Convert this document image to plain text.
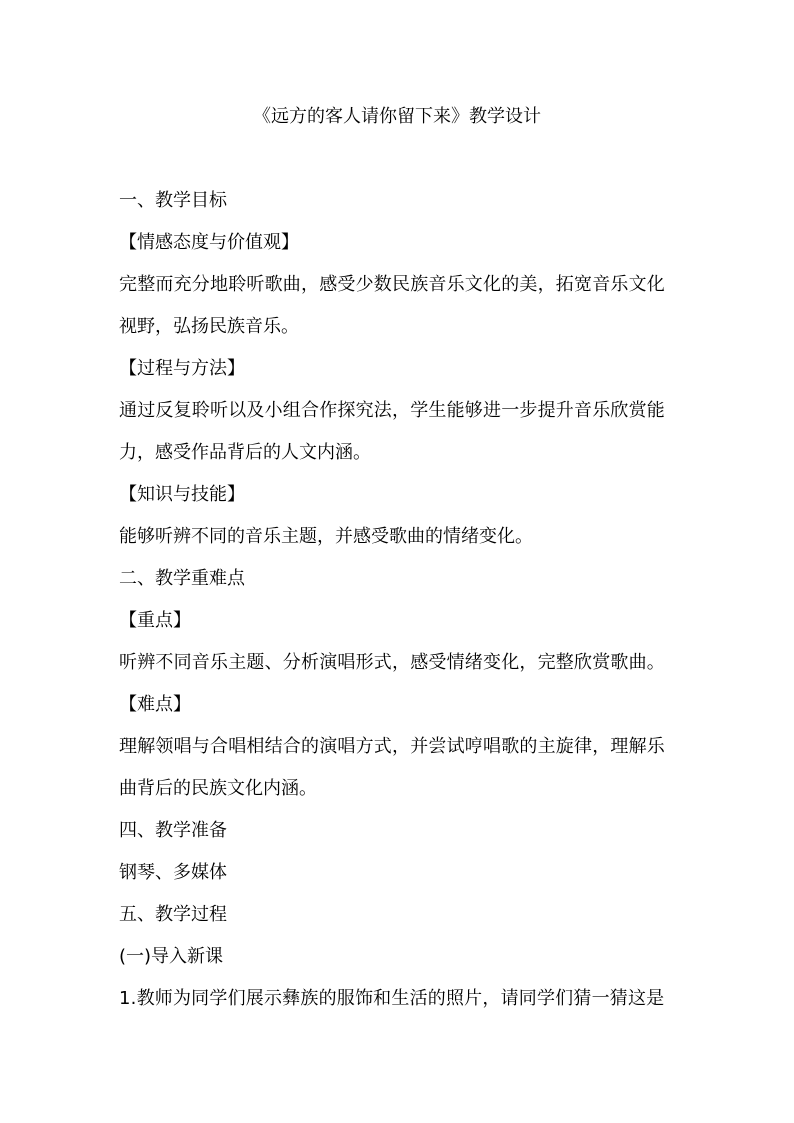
《远方的客人请你留下来》教学设计

一、教学目标

【情感态度与价值观】

完整而充分地聆听歌曲，感受少数民族音乐文化的美，拓宽音乐文化

视野，弘扬民族音乐。

【过程与方法】

通过反复聆听以及小组合作探究法，学生能够进一步提升音乐欣赏能

力，感受作品背后的人文内涵。

【知识与技能】

能够听辨不同的音乐主题，并感受歌曲的情绪变化。

二、教学重难点

【重点】

听辨不同音乐主题、分析演唱形式，感受情绪变化，完整欣赏歌曲。

【难点】

理解领唱与合唱相结合的演唱方式，并尝试哼唱歌的主旋律，理解乐

曲背后的民族文化内涵。

四、教学准备

钢琴、多媒体

五、教学过程

(一)导入新课

1.教师为同学们展示彝族的服饰和生活的照片，请同学们猜一猜这是
